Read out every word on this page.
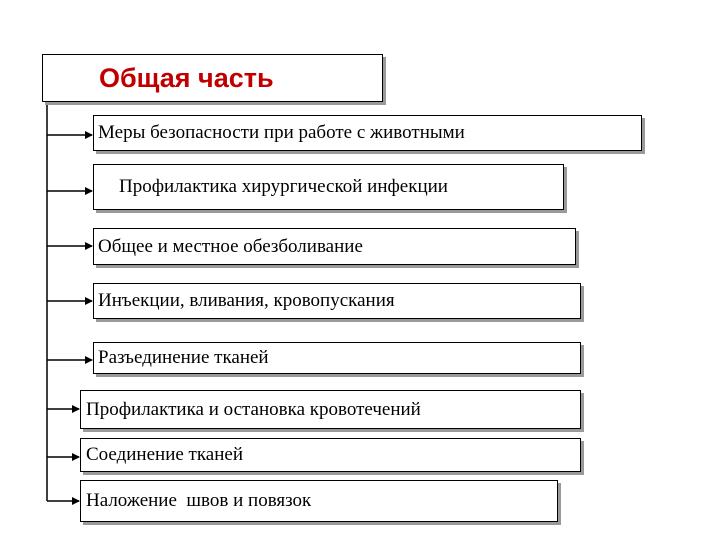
Общая часть
Меры безопасности при работе с животными
Профилактика хирургической инфекции
Общее и местное обезболивание
Инъекции, вливания, кровопускания
Разъединение тканей
Профилактика и остановка кровотечений
Соединение тканей
Наложение  швов и повязок
